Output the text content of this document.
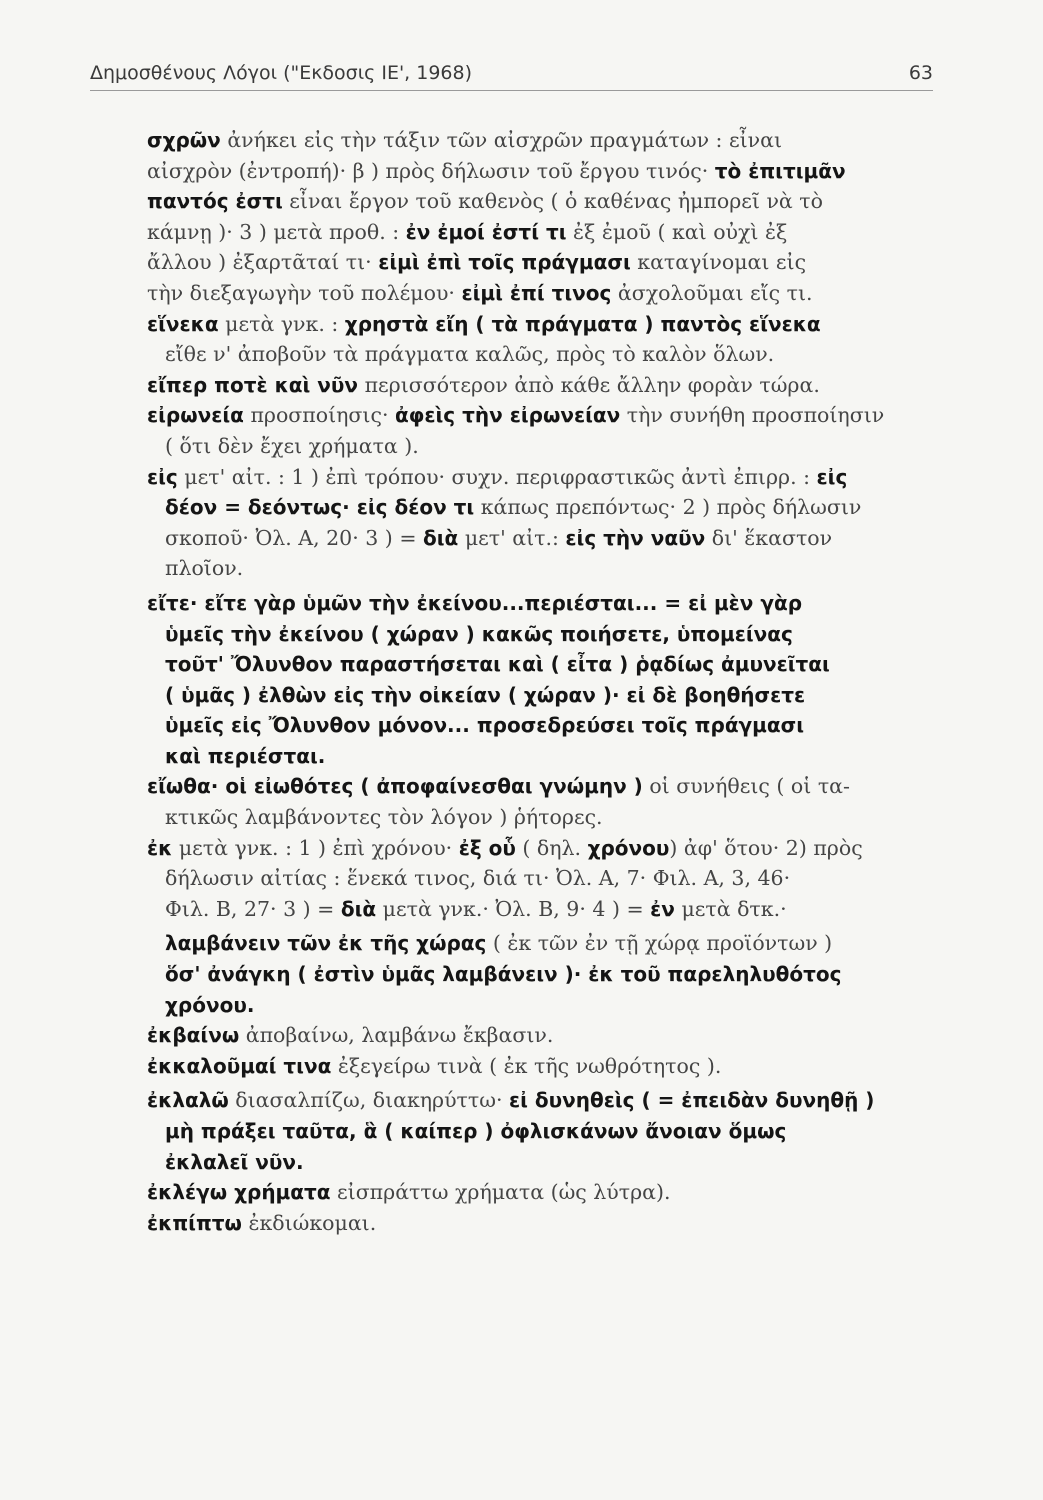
Δημοσθένους Λόγοι ("Εκδοσις ΙΕ', 1968)	63
σχρῶν ἀνήκει εἰς τὴν τάξιν τῶν αἰσχρῶν πραγμάτων : εἶναι
αἰσχρὸν (ἐντροπή)· β ) πρὸς δήλωσιν τοῦ ἔργου τινός· τὸ ἐπιτιμᾶν
παντός ἐστι εἶναι ἔργον τοῦ καθενὸς ( ὁ καθένας ἠμπορεῖ νὰ τὸ
κάμνῃ )· 3 ) μετὰ προθ. : ἐν ἐμοί ἐστί τι ἐξ ἐμοῦ ( καὶ οὐχὶ ἐξ
ἄλλου ) ἐξαρτᾶταί τι· εἰμὶ ἐπὶ τοῖς πράγμασι καταγίνομαι εἰς
τὴν διεξαγωγὴν τοῦ πολέμου· εἰμὶ ἐπί τινος ἀσχολοῦμαι εἴς τι.
εἵνεκα μετὰ γνκ. : χρηστὰ εἴη ( τὰ πράγματα ) παντὸς εἵνεκα
εἴθε ν' ἀποβοῦν τὰ πράγματα καλῶς, πρὸς τὸ καλὸν ὅλων.
εἴπερ ποτὲ καὶ νῦν περισσότερον ἀπὸ κάθε ἄλλην φορὰν τώρα.
εἰρωνεία προσποίησις· ἀφεὶς τὴν εἰρωνείαν τὴν συνήθη προσποίησιν
( ὅτι δὲν ἔχει χρήματα ).
εἰς μετ' αἰτ. : 1 ) ἐπὶ τρόπου· συχν. περιφραστικῶς ἀντὶ ἐπιρρ. : εἰς
δέον = δεόντως· εἰς δέον τι κάπως πρεπόντως· 2 ) πρὸς δήλωσιν
σκοποῦ· Ὀλ. Α, 20· 3 ) = διὰ μετ' αἰτ.: εἰς τὴν ναῦν δι' ἕκαστον
πλοῖον.
εἴτε· εἴτε γὰρ ὑμῶν τὴν ἐκείνου...περιέσται... = εἰ μὲν γὰρ
ὑμεῖς τὴν ἐκείνου ( χώραν ) κακῶς ποιήσετε, ὑπομείνας
τοῦτ' Ὄλυνθον παραστήσεται καὶ ( εἶτα ) ῥᾳδίως ἀμυνεῖται
( ὑμᾶς ) ἐλθὼν εἰς τὴν οἰκείαν ( χώραν )· εἰ δὲ βοηθήσετε
ὑμεῖς εἰς Ὄλυνθον μόνον... προσεδρεύσει τοῖς πράγμασι
καὶ περιέσται.
εἴωθα· οἱ εἰωθότες ( ἀποφαίνεσθαι γνώμην ) οἱ συνήθεις ( οἱ τα-
κτικῶς λαμβάνοντες τὸν λόγον ) ῥήτορες.
ἐκ μετὰ γνκ. : 1 ) ἐπὶ χρόνου· ἐξ οὗ ( δηλ. χρόνου) ἀφ' ὅτου· 2) πρὸς
δήλωσιν αἰτίας : ἕνεκά τινος, διά τι· Ὀλ. Α, 7· Φιλ. Α, 3, 46·
Φιλ. Β, 27· 3 ) = διὰ μετὰ γνκ.· Ὀλ. Β, 9· 4 ) = ἐν μετὰ δτκ.·
λαμβάνειν τῶν ἐκ τῆς χώρας ( ἐκ τῶν ἐν τῇ χώρᾳ προϊόντων )
ὅσ' ἀνάγκη ( ἐστὶν ὑμᾶς λαμβάνειν )· ἐκ τοῦ παρεληλυθότος
χρόνου.
ἐκβαίνω ἀποβαίνω, λαμβάνω ἔκβασιν.
ἐκκαλοῦμαί τινα ἐξεγείρω τινὰ ( ἐκ τῆς νωθρότητος ).
ἐκλαλῶ διασαλπίζω, διακηρύττω· εἰ δυνηθεὶς ( = ἐπειδὰν δυνηθῇ )
μὴ πράξει ταῦτα, ἃ ( καίπερ ) ὀφλισκάνων ἄνοιαν ὅμως
ἐκλαλεῖ νῦν.
ἐκλέγω χρήματα εἰσπράττω χρήματα (ὡς λύτρα).
ἐκπίπτω ἐκδιώκομαι.
